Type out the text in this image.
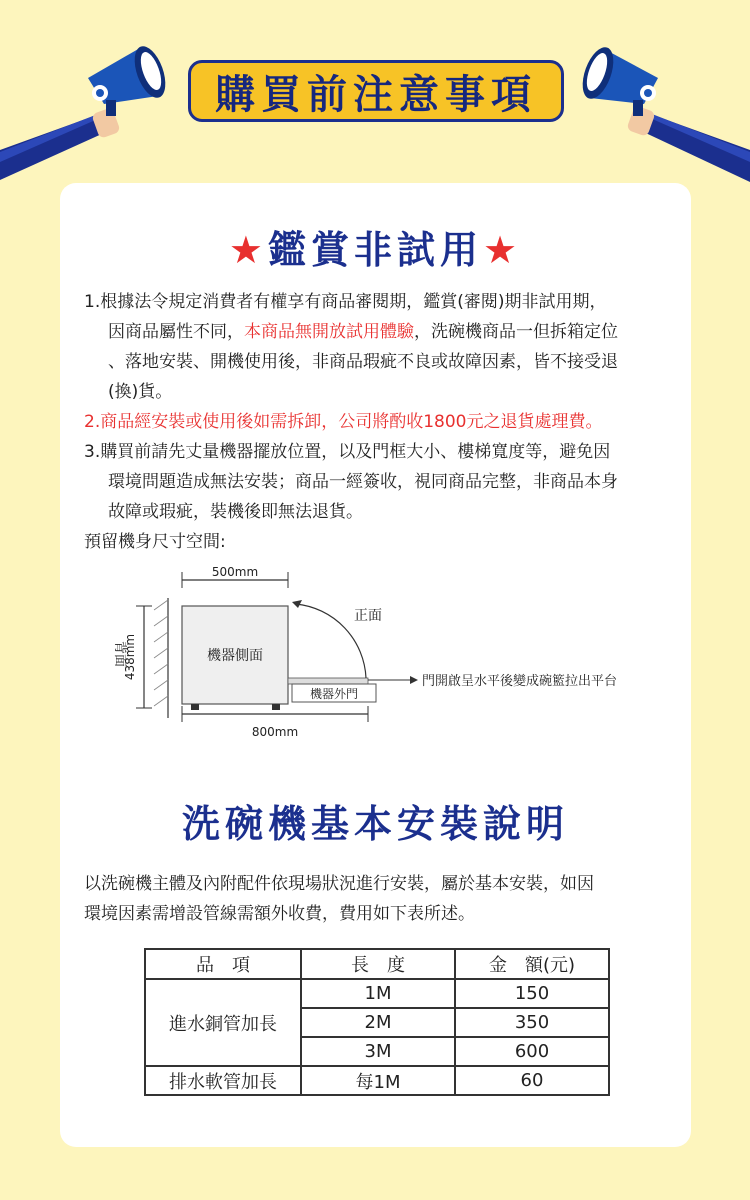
購買前注意事項
★鑑賞非試用★
1.根據法令規定消費者有權享有商品審閱期，鑑賞(審閱)期非試用期，
因商品屬性不同，本商品無開放試用體驗，洗碗機商品一但拆箱定位
、落地安裝、開機使用後，非商品瑕疵不良或故障因素，皆不接受退
(換)貨。
2.商品經安裝或使用後如需拆卸，公司將酌收1800元之退貨處理費。
3.購買前請先丈量機器擺放位置，以及門框大小、樓梯寬度等，避免因
環境問題造成無法安裝；商品一經簽收，視同商品完整，非商品本身
故障或瑕疵，裝機後即無法退貨。
預留機身尺寸空間:
500mm
438mm
背面	機器側面
正面
門開啟呈水平後變成碗籃拉出平台
機器外門
800mm
洗碗機基本安裝說明
以洗碗機主體及內附配件依現場狀況進行安裝，屬於基本安裝，如因
環境因素需增設管線需額外收費，費用如下表所述。
品　項	長　度	金　額(元)
進水銅管加長	1M	150
	2M	350
	3M	600
排水軟管加長	每1M	60
